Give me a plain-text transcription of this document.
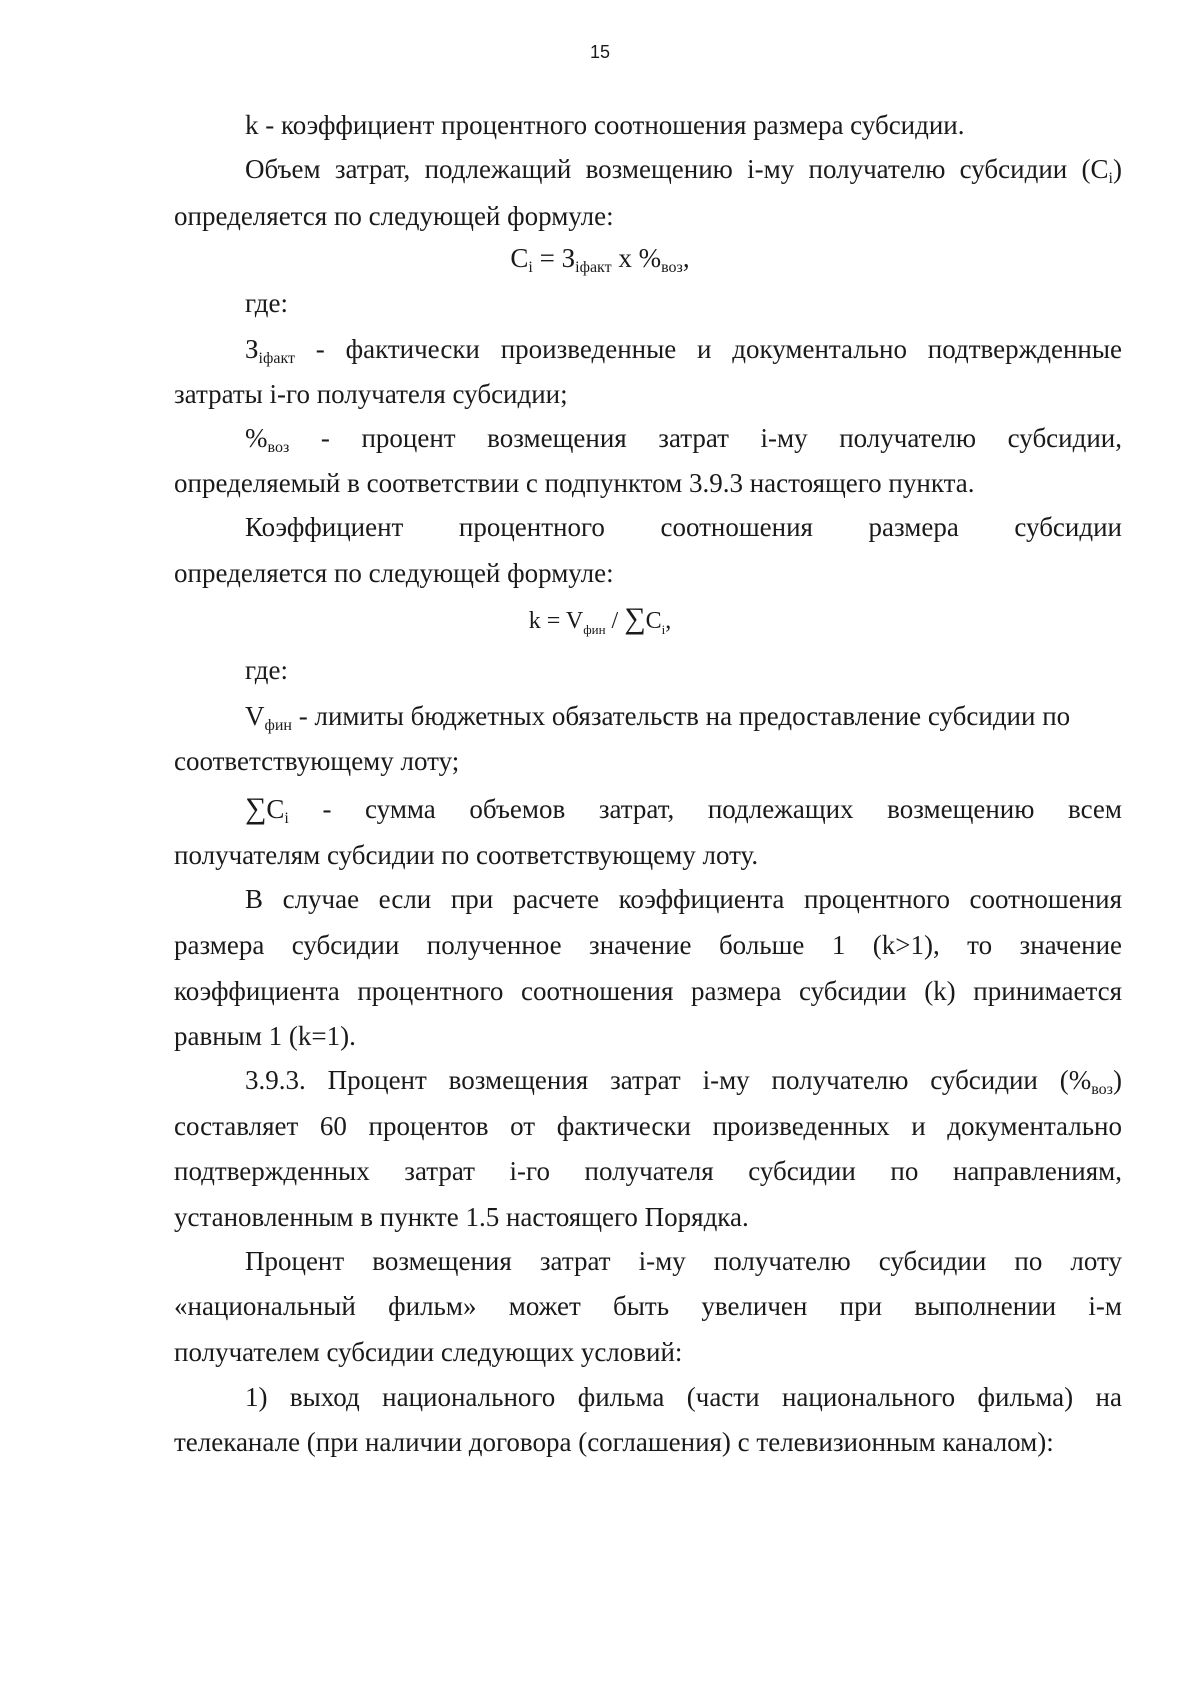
15
k - коэффициент процентного соотношения размера субсидии.
Объем затрат, подлежащий возмещению i-му получателю субсидии $(C_i)$
определяется по следующей формуле:
$C_i = З_{iфакт}$ x $\%_{воз}$,
где:
$З_{iфакт}$ - фактически произведенные и документально подтвержденные
затраты i-го получателя субсидии;
$\%_{воз}$ - процент возмещения затрат i-му получателю субсидии,
определяемый в соответствии с подпунктом 3.9.3 настоящего пункта.
Коэффициент процентного соотношения размера субсидии
определяется по следующей формуле:
$k = V_{фин} / \sum C_i$,
где:
$V_{фин}$ - лимиты бюджетных обязательств на предоставление субсидии по
соответствующему лоту;
$\sum C_i$ - сумма объемов затрат, подлежащих возмещению всем
получателям субсидии по соответствующему лоту.
В случае если при расчете коэффициента процентного соотношения
размера субсидии полученное значение больше 1 (k>1), то значение
коэффициента процентного соотношения размера субсидии (k) принимается
равным 1 (k=1).
3.9.3. Процент возмещения затрат i-му получателю субсидии $(\%_{воз})$
составляет 60 процентов от фактически произведенных и документально
подтвержденных затрат i-го получателя субсидии по направлениям,
установленным в пункте 1.5 настоящего Порядка.
Процент возмещения затрат i-му получателю субсидии по лоту
«национальный фильм» может быть увеличен при выполнении i-м
получателем субсидии следующих условий:
1) выход национального фильма (части национального фильма) на
телеканале (при наличии договора (соглашения) с телевизионным каналом):
